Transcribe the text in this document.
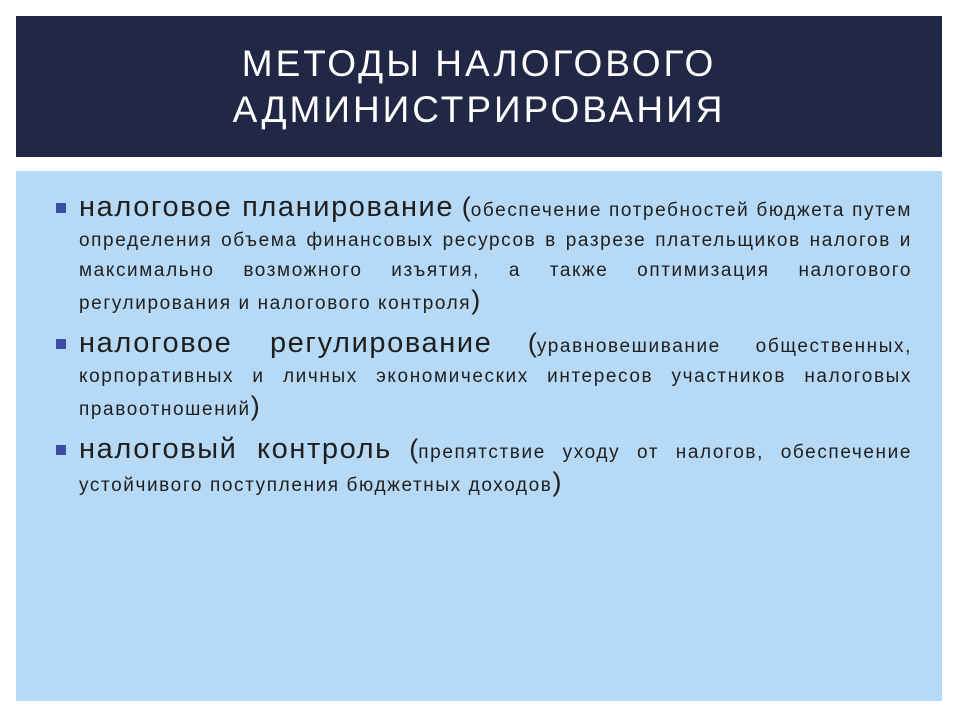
МЕТОДЫ НАЛОГОВОГО
АДМИНИСТРИРОВАНИЯ
налоговое планирование (обеспечение потребностей бюджета путем определения объема финансовых ресурсов в разрезе плательщиков налогов и максимально возможного изъятия, а также оптимизация налогового регулирования и налогового контроля)
налоговое регулирование (уравновешивание общественных, корпоративных и личных экономических интересов участников налоговых правоотношений)
налоговый контроль (препятствие уходу от налогов, обеспечение устойчивого поступления бюджетных доходов)
